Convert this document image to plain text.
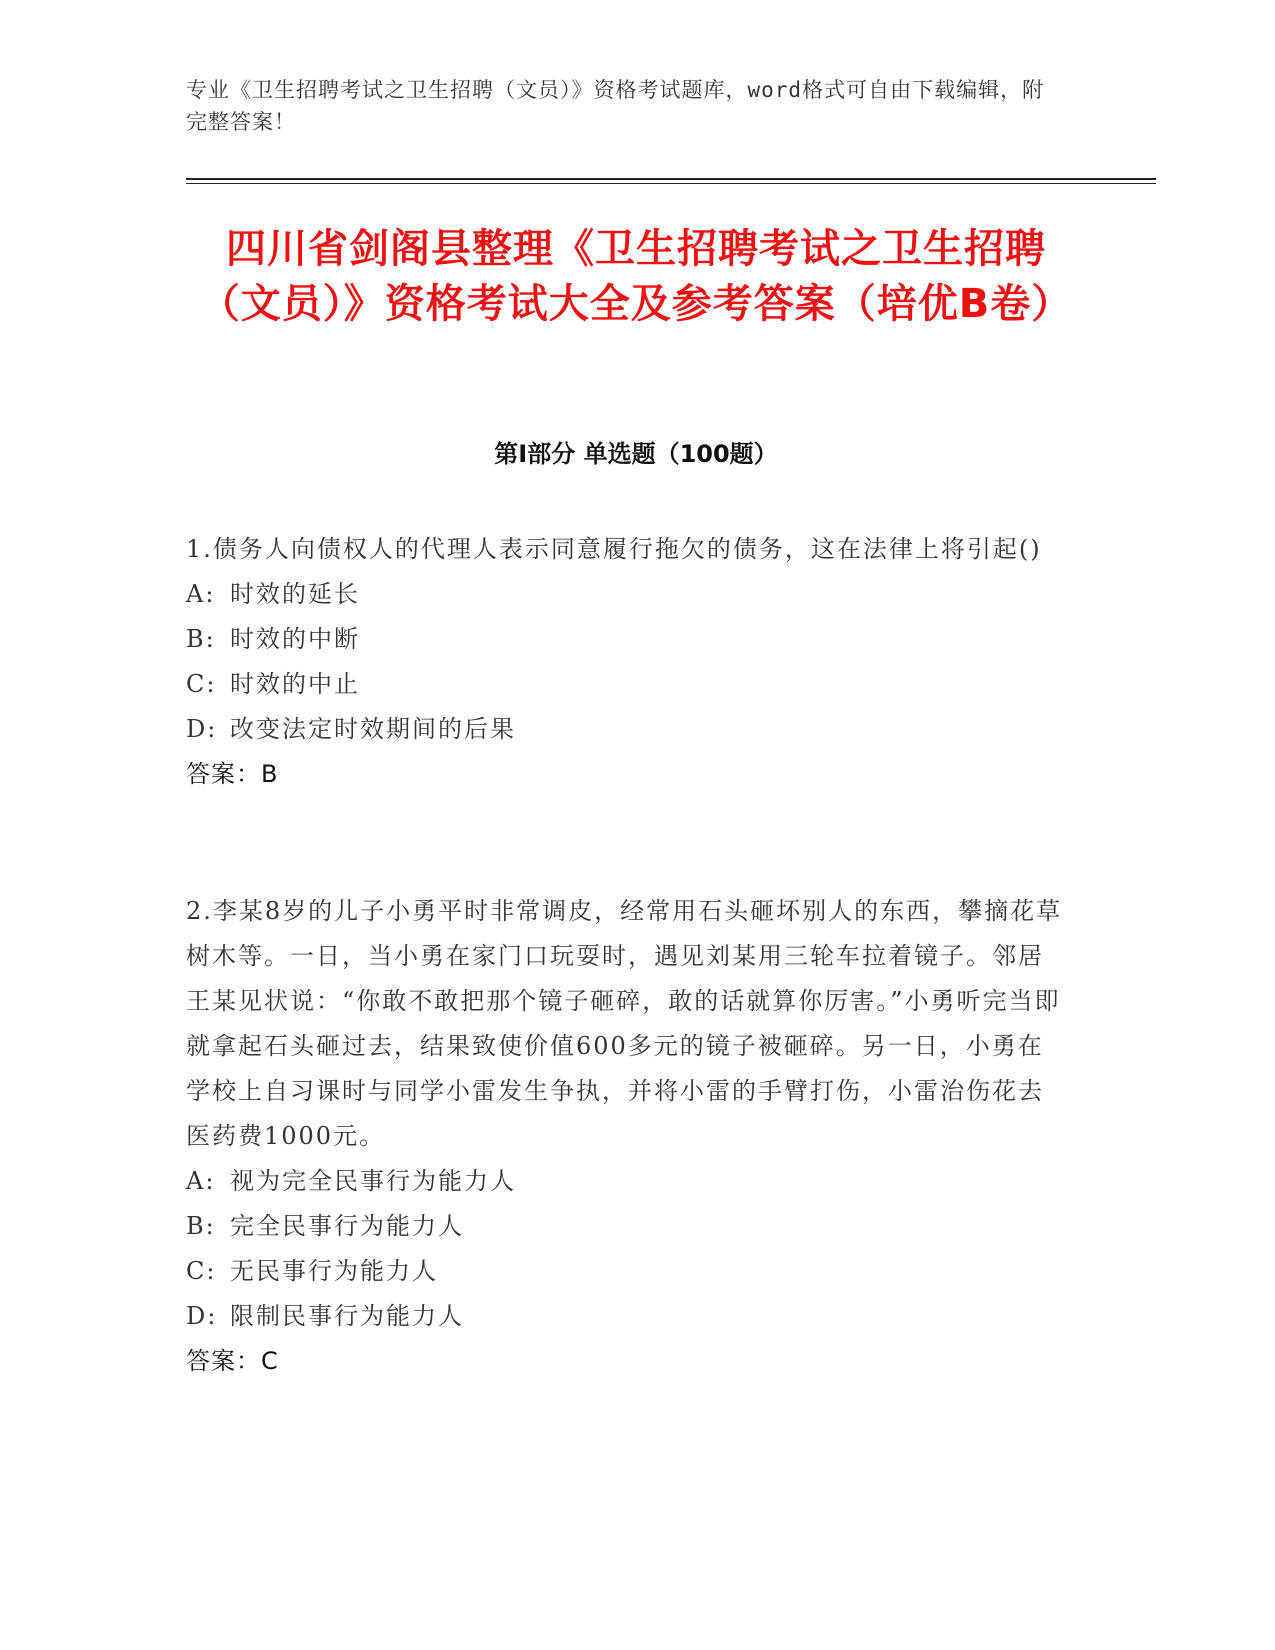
专业《卫生招聘考试之卫生招聘（文员）》资格考试题库，word格式可自由下载编辑，附完整答案！
四川省剑阁县整理《卫生招聘考试之卫生招聘（文员）》资格考试大全及参考答案（培优B卷）
第I部分 单选题（100题）

1.债务人向债权人的代理人表示同意履行拖欠的债务，这在法律上将引起()

A: 时效的延长

B: 时效的中断

C: 时效的中止

D: 改变法定时效期间的后果

答案：B

2.李某8岁的儿子小勇平时非常调皮，经常用石头砸坏别人的东西，攀摘花草树木等。一日，当小勇在家门口玩耍时，遇见刘某用三轮车拉着镜子。邻居王某见状说：“你敢不敢把那个镜子砸碎，敢的话就算你厉害。”小勇听完当即就拿起石头砸过去，结果致使价值600多元的镜子被砸碎。另一日，小勇在学校上自习课时与同学小雷发生争执，并将小雷的手臂打伤，小雷治伤花去医药费1000元。

A: 视为完全民事行为能力人

B: 完全民事行为能力人

C: 无民事行为能力人

D: 限制民事行为能力人

答案：C
